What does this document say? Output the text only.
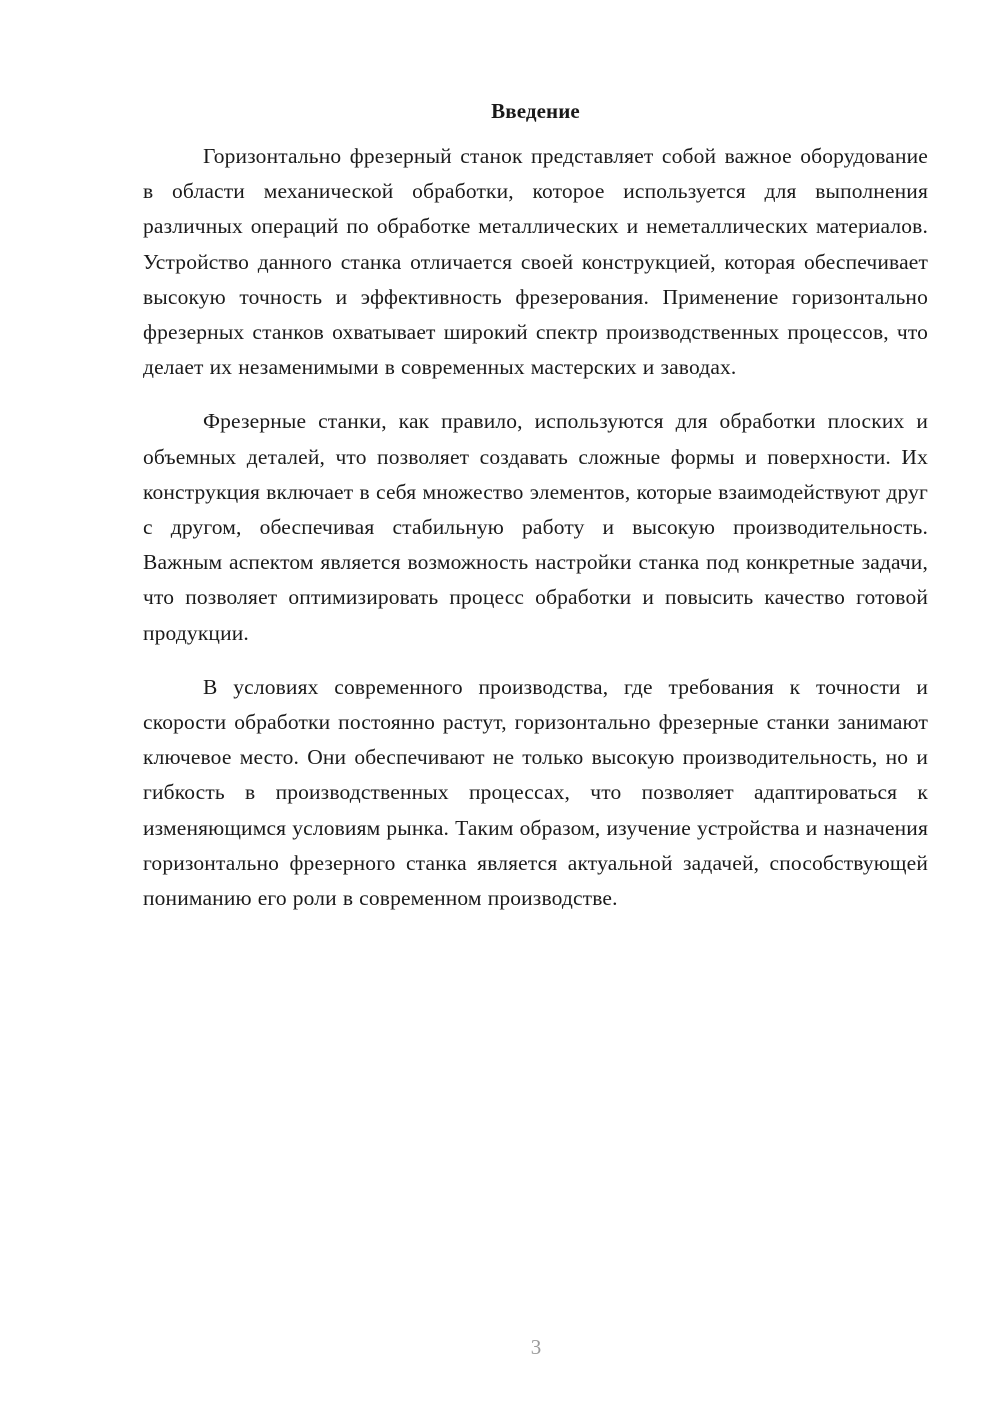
Введение

Горизонтально фрезерный станок представляет собой важное оборудование в области механической обработки, которое используется для выполнения различных операций по обработке металлических и неметаллических материалов. Устройство данного станка отличается своей конструкцией, которая обеспечивает высокую точность и эффективность фрезерования. Применение горизонтально фрезерных станков охватывает широкий спектр производственных процессов, что делает их незаменимыми в современных мастерских и заводах.

Фрезерные станки, как правило, используются для обработки плоских и объемных деталей, что позволяет создавать сложные формы и поверхности. Их конструкция включает в себя множество элементов, которые взаимодействуют друг с другом, обеспечивая стабильную работу и высокую производительность. Важным аспектом является возможность настройки станка под конкретные задачи, что позволяет оптимизировать процесс обработки и повысить качество готовой продукции.

В условиях современного производства, где требования к точности и скорости обработки постоянно растут, горизонтально фрезерные станки занимают ключевое место. Они обеспечивают не только высокую производительность, но и гибкость в производственных процессах, что позволяет адаптироваться к изменяющимся условиям рынка. Таким образом, изучение устройства и назначения горизонтально фрезерного станка является актуальной задачей, способствующей пониманию его роли в современном производстве.

3
